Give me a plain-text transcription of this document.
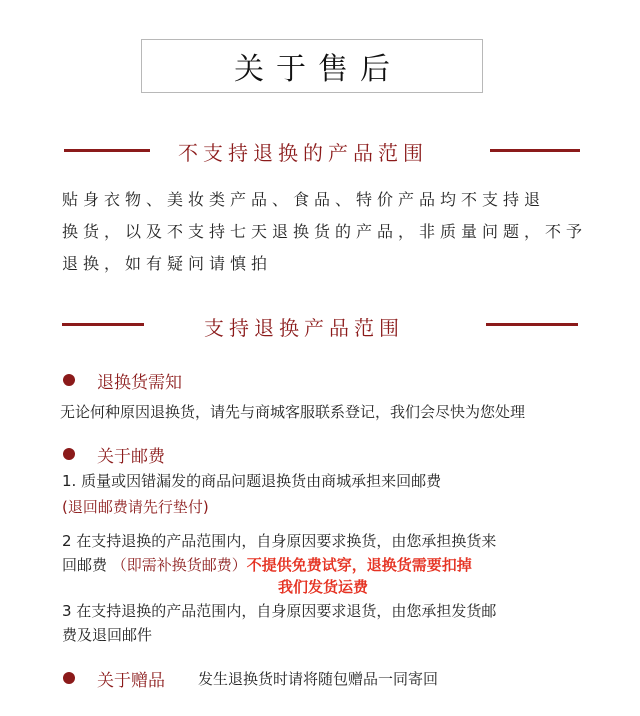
关于售后
不支持退换的产品范围
贴身衣物、美妆类产品、食品、特价产品均不支持退
换货，以及不支持七天退换货的产品，非质量问题，不予
退换，如有疑问请慎拍
支持退换产品范围
退换货需知
无论何种原因退换货，请先与商城客服联系登记，我们会尽快为您处理
关于邮费
1. 质量或因错漏发的商品问题退换货由商城承担来回邮费
(退回邮费请先行垫付)
2 在支持退换的产品范围内，自身原因要求换货，由您承担换货来
回邮费 （即需补换货邮费）不提供免费试穿，退换货需要扣掉
我们发货运费
3 在支持退换的产品范围内，自身原因要求退货，由您承担发货邮
费及退回邮件
关于赠品 发生退换货时请将随包赠品一同寄回
